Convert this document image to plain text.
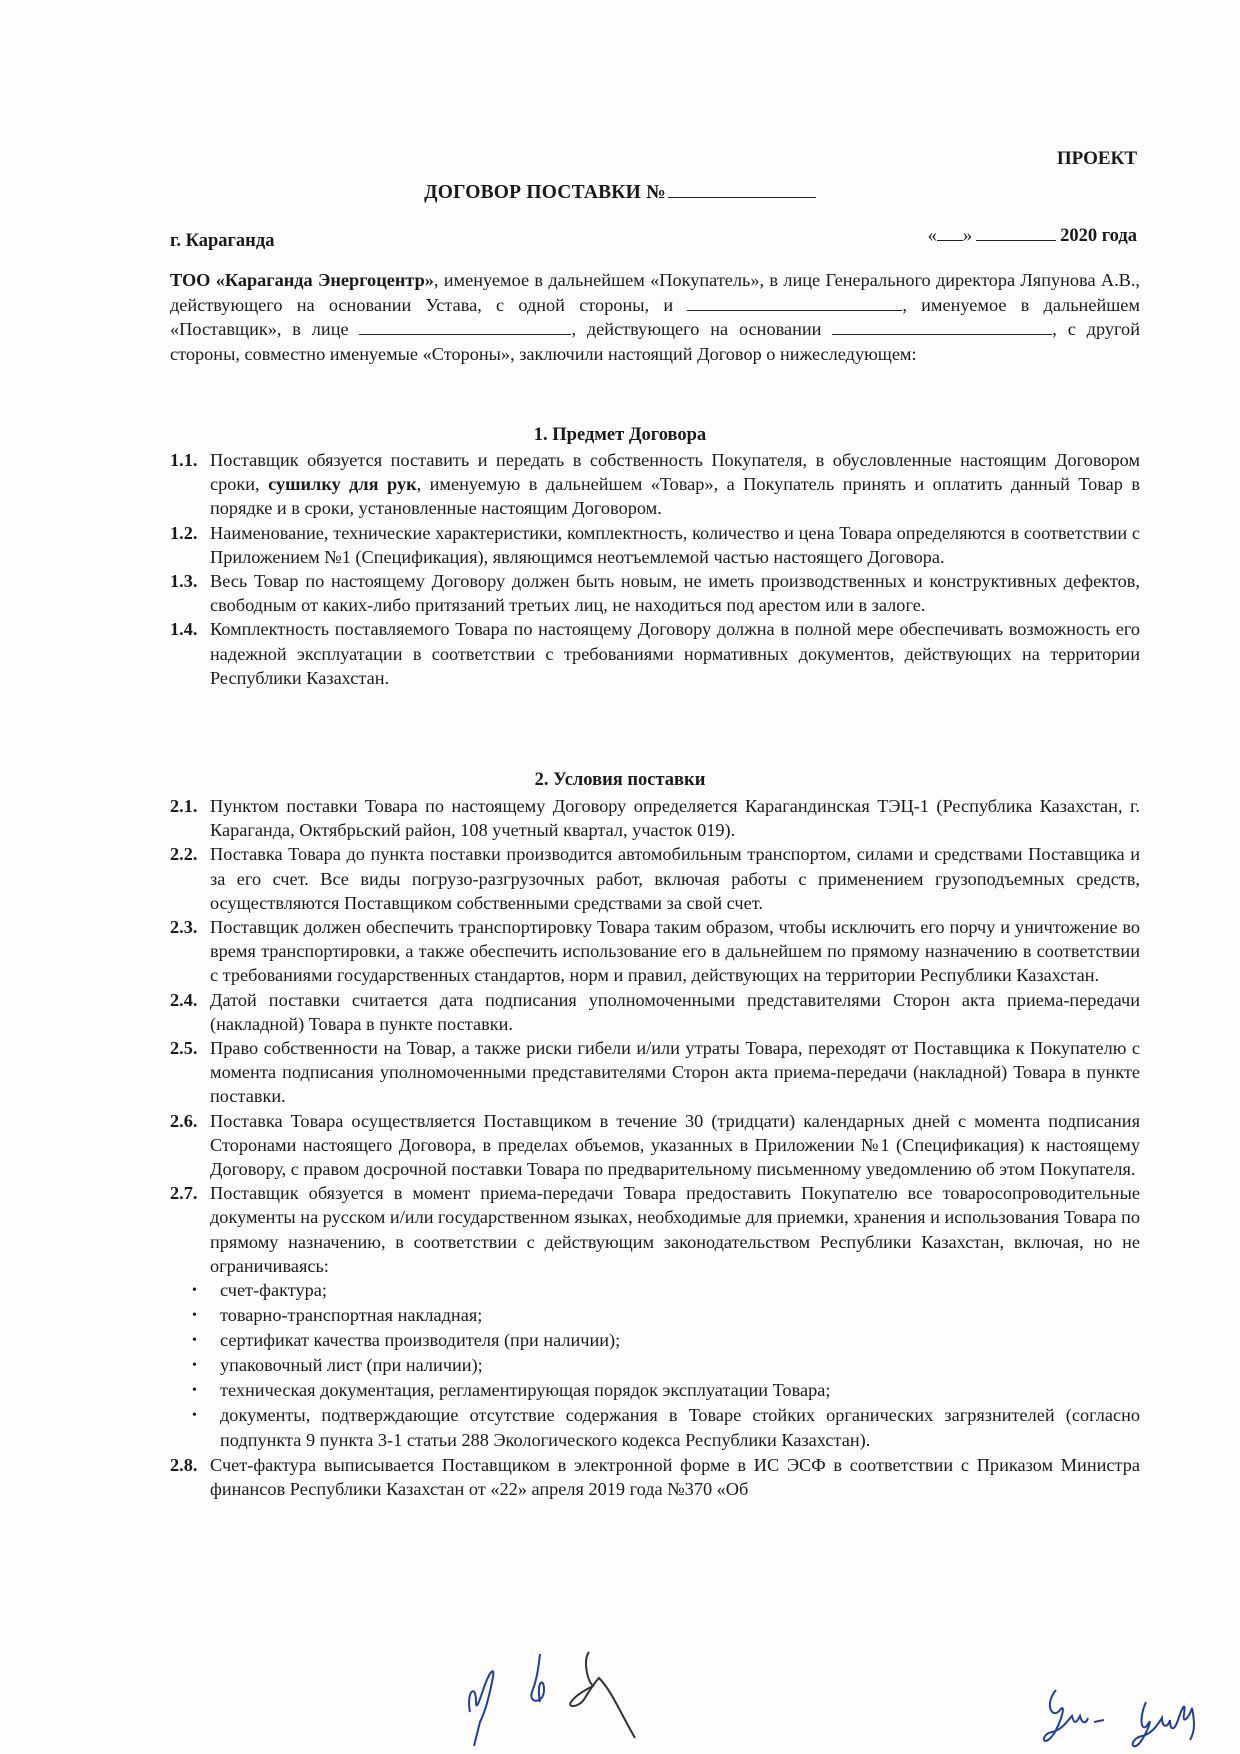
ПРОЕКТ
ДОГОВОР ПОСТАВКИ №
г. Караганда	« »	2020 года
ТОО «Караганда Энергоцентр», именуемое в дальнейшем «Покупатель», в лице Генерального директора Ляпунова А.В., действующего на основании Устава, с одной стороны, и	, именуемое в дальнейшем «Поставщик», в лице	, действующего на основании	, с другой стороны, совместно именуемые «Стороны», заключили настоящий Договор о нижеследующем:
1. Предмет Договора
1.1. Поставщик обязуется поставить и передать в собственность Покупателя, в обусловленные настоящим Договором сроки, сушилку для рук, именуемую в дальнейшем «Товар», а Покупатель принять и оплатить данный Товар в порядке и в сроки, установленные настоящим Договором.
1.2. Наименование, технические характеристики, комплектность, количество и цена Товара определяются в соответствии с Приложением №1 (Спецификация), являющимся неотъемлемой частью настоящего Договора.
1.3. Весь Товар по настоящему Договору должен быть новым, не иметь производственных и конструктивных дефектов, свободным от каких-либо притязаний третьих лиц, не находиться под арестом или в залоге.
1.4. Комплектность поставляемого Товара по настоящему Договору должна в полной мере обеспечивать возможность его надежной эксплуатации в соответствии с требованиями нормативных документов, действующих на территории Республики Казахстан.
2. Условия поставки
2.1. Пунктом поставки Товара по настоящему Договору определяется Карагандинская ТЭЦ-1 (Республика Казахстан, г. Караганда, Октябрьский район, 108 учетный квартал, участок 019).
2.2. Поставка Товара до пункта поставки производится автомобильным транспортом, силами и средствами Поставщика и за его счет. Все виды погрузо-разгрузочных работ, включая работы с применением грузоподъемных средств, осуществляются Поставщиком собственными средствами за свой счет.
2.3. Поставщик должен обеспечить транспортировку Товара таким образом, чтобы исключить его порчу и уничтожение во время транспортировки, а также обеспечить использование его в дальнейшем по прямому назначению в соответствии с требованиями государственных стандартов, норм и правил, действующих на территории Республики Казахстан.
2.4. Датой поставки считается дата подписания уполномоченными представителями Сторон акта приема-передачи (накладной) Товара в пункте поставки.
2.5. Право собственности на Товар, а также риски гибели и/или утраты Товара, переходят от Поставщика к Покупателю с момента подписания уполномоченными представителями Сторон акта приема-передачи (накладной) Товара в пункте поставки.
2.6. Поставка Товара осуществляется Поставщиком в течение 30 (тридцати) календарных дней с момента подписания Сторонами настоящего Договора, в пределах объемов, указанных в Приложении №1 (Спецификация) к настоящему Договору, с правом досрочной поставки Товара по предварительному письменному уведомлению об этом Покупателя.
2.7. Поставщик обязуется в момент приема-передачи Товара предоставить Покупателю все товаросопроводительные документы на русском и/или государственном языках, необходимые для приемки, хранения и использования Товара по прямому назначению, в соответствии с действующим законодательством Республики Казахстан, включая, но не ограничиваясь:
•	счет-фактура;
•	товарно-транспортная накладная;
•	сертификат качества производителя (при наличии);
•	упаковочный лист (при наличии);
•	техническая документация, регламентирующая порядок эксплуатации Товара;
•	документы, подтверждающие отсутствие содержания в Товаре стойких органических загрязнителей (согласно подпункта 9 пункта 3-1 статьи 288 Экологического кодекса Республики Казахстан).
2.8. Счет-фактура выписывается Поставщиком в электронной форме в ИС ЭСФ в соответствии с Приказом Министра финансов Республики Казахстан от «22» апреля 2019 года №370 «Об
